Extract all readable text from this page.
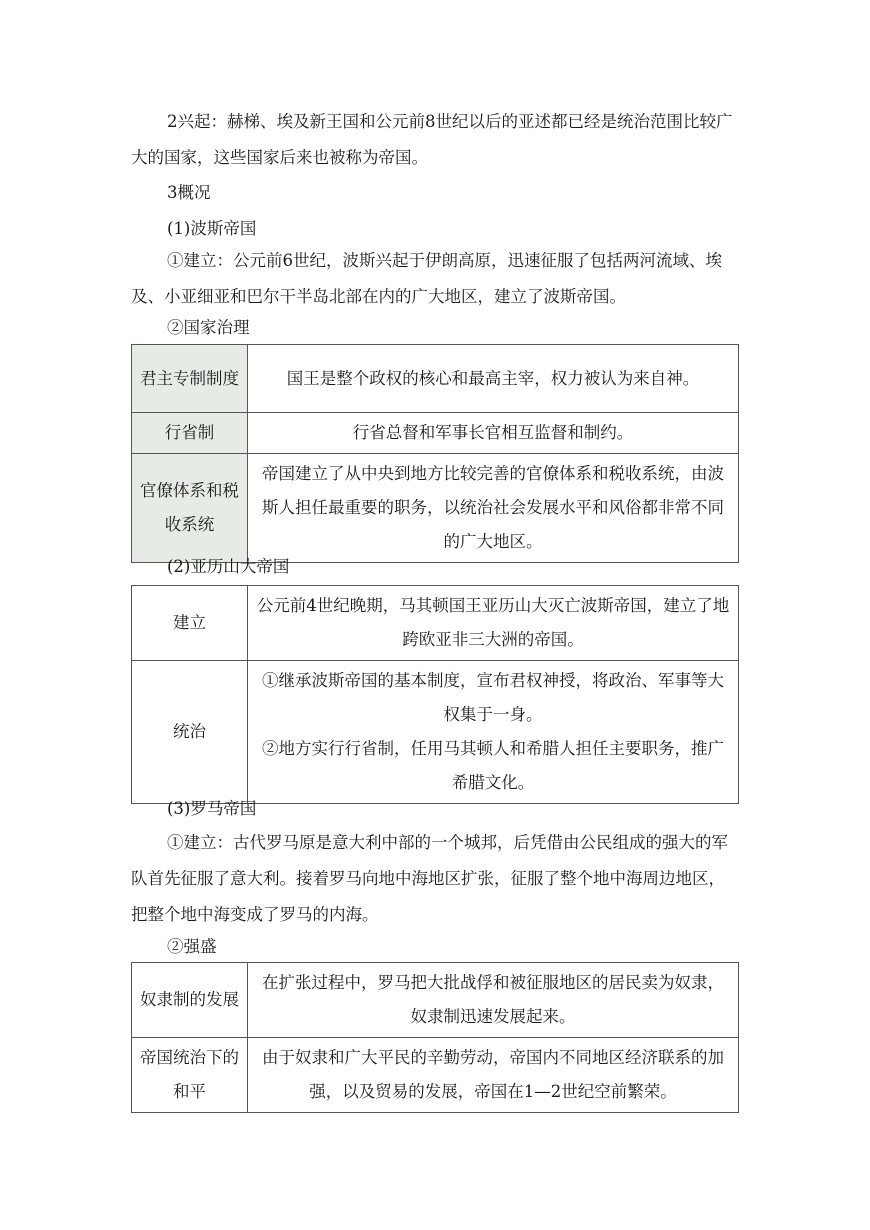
2兴起：赫梯、埃及新王国和公元前8世纪以后的亚述都已经是统治范围比较广大的国家，这些国家后来也被称为帝国。

3概况

(1)波斯帝国

①建立：公元前6世纪，波斯兴起于伊朗高原，迅速征服了包括两河流域、埃及、小亚细亚和巴尔干半岛北部在内的广大地区，建立了波斯帝国。

②国家治理

君主专制制度	国王是整个政权的核心和最高主宰，权力被认为来自神。
行省制	行省总督和军事长官相互监督和制约。
官僚体系和税收系统	帝国建立了从中央到地方比较完善的官僚体系和税收系统，由波斯人担任最重要的职务，以统治社会发展水平和风俗都非常不同的广大地区。

(2)亚历山大帝国

建立	公元前4世纪晚期，马其顿国王亚历山大灭亡波斯帝国，建立了地跨欧亚非三大洲的帝国。
统治	①继承波斯帝国的基本制度，宣布君权神授，将政治、军事等大权集于一身。
②地方实行行省制，任用马其顿人和希腊人担任主要职务，推广希腊文化。

(3)罗马帝国

①建立：古代罗马原是意大利中部的一个城邦，后凭借由公民组成的强大的军队首先征服了意大利。接着罗马向地中海地区扩张，征服了整个地中海周边地区，把整个地中海变成了罗马的内海。

②强盛

奴隶制的发展	在扩张过程中，罗马把大批战俘和被征服地区的居民卖为奴隶，奴隶制迅速发展起来。
帝国统治下的和平	由于奴隶和广大平民的辛勤劳动，帝国内不同地区经济联系的加强，以及贸易的发展，帝国在1—2世纪空前繁荣。
